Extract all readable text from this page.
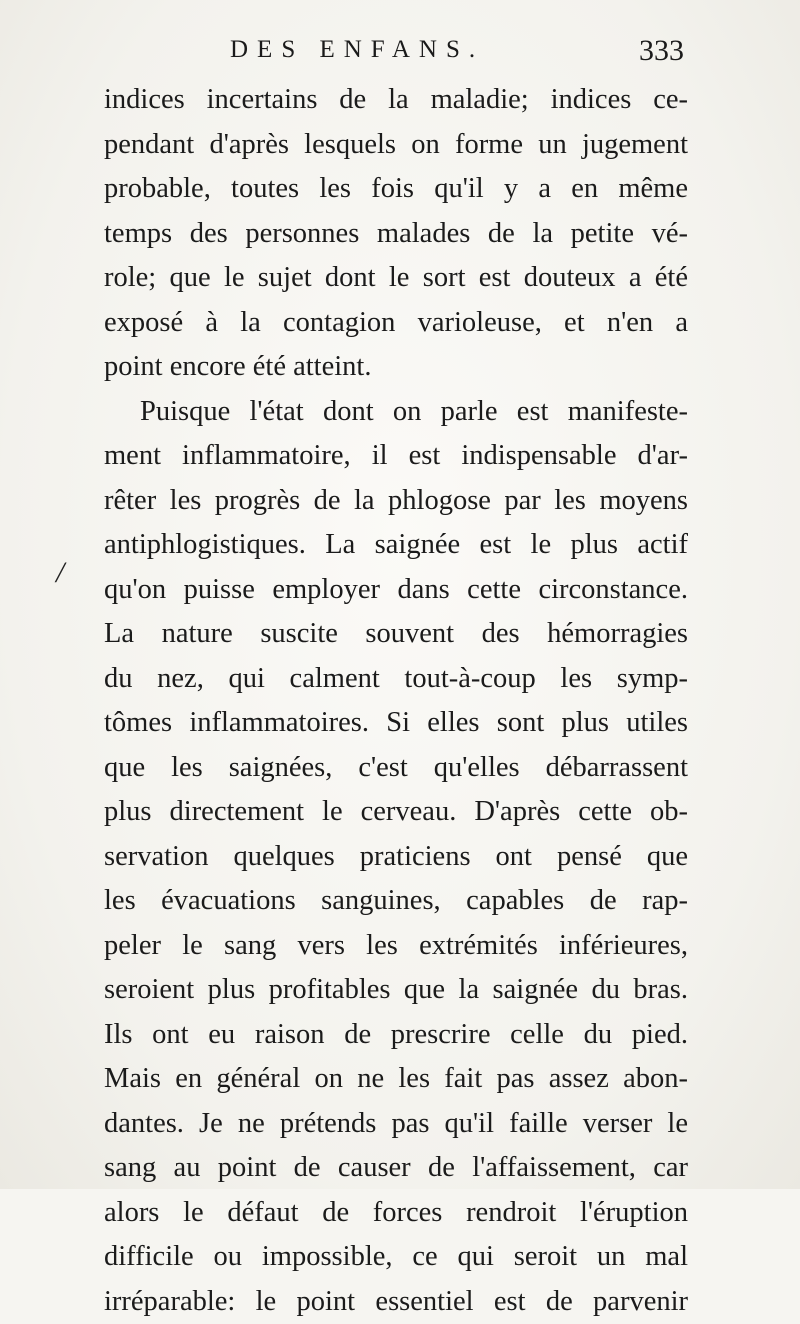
DES ENFANS.	333
/
indices incertains de la maladie; indices ce-
pendant d'après lesquels on forme un jugement
probable, toutes les fois qu'il y a en même
temps des personnes malades de la petite vé-
role; que le sujet dont le sort est douteux a été
exposé à la contagion varioleuse, et n'en a
point encore été atteint.
Puisque l'état dont on parle est manifeste-
ment inflammatoire, il est indispensable d'ar-
rêter les progrès de la phlogose par les moyens
antiphlogistiques. La saignée est le plus actif
qu'on puisse employer dans cette circonstance.
La nature suscite souvent des hémorragies
du nez, qui calment tout-à-coup les symp-
tômes inflammatoires. Si elles sont plus utiles
que les saignées, c'est qu'elles débarrassent
plus directement le cerveau. D'après cette ob-
servation quelques praticiens ont pensé que
les évacuations sanguines, capables de rap-
peler le sang vers les extrémités inférieures,
seroient plus profitables que la saignée du bras.
Ils ont eu raison de prescrire celle du pied.
Mais en général on ne les fait pas assez abon-
dantes. Je ne prétends pas qu'il faille verser le
sang au point de causer de l'affaissement, car
alors le défaut de forces rendroit l'éruption
difficile ou impossible, ce qui seroit un mal
irréparable: le point essentiel est de parvenir
